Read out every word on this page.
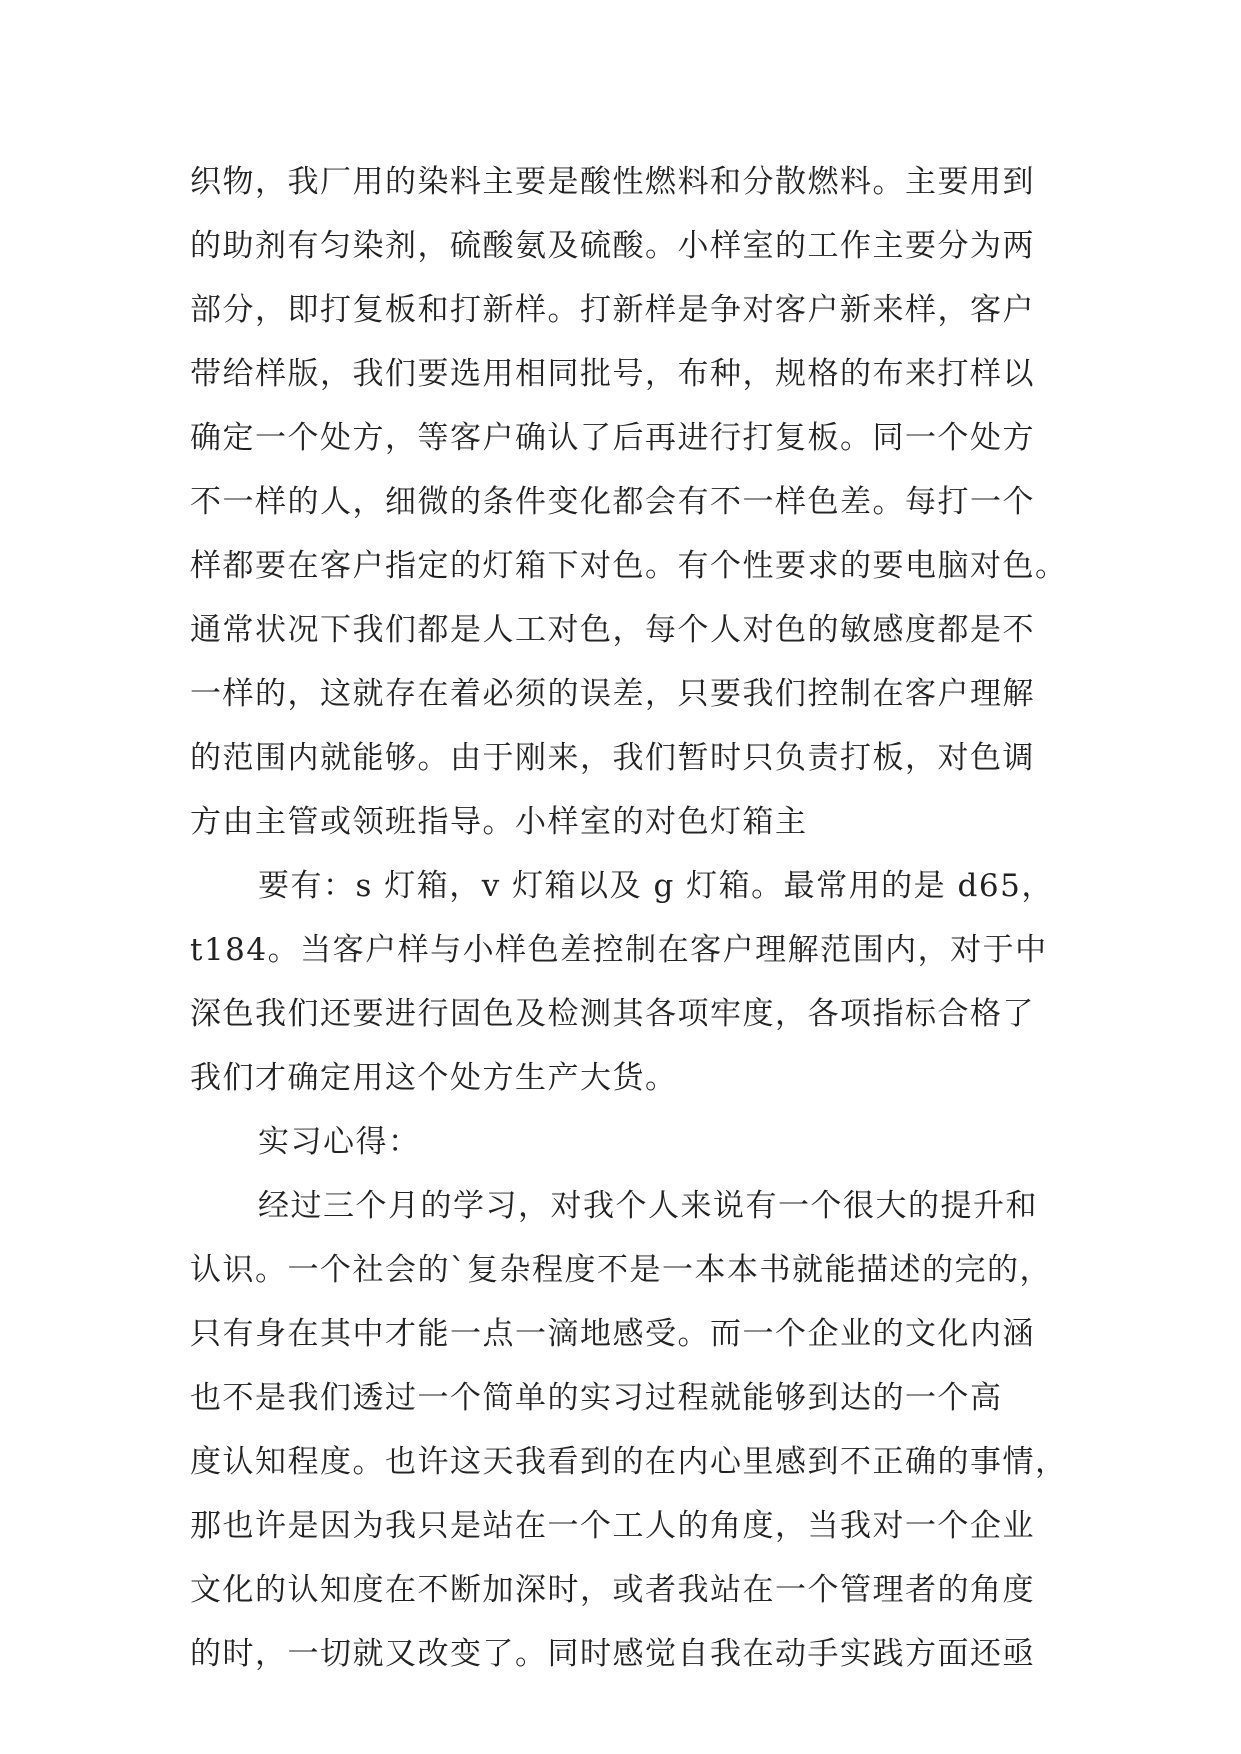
织物，我厂用的染料主要是酸性燃料和分散燃料。主要用到
的助剂有匀染剂，硫酸氨及硫酸。小样室的工作主要分为两
部分，即打复板和打新样。打新样是争对客户新来样，客户
带给样版，我们要选用相同批号，布种，规格的布来打样以
确定一个处方，等客户确认了后再进行打复板。同一个处方
不一样的人，细微的条件变化都会有不一样色差。每打一个
样都要在客户指定的灯箱下对色。有个性要求的要电脑对色。
通常状况下我们都是人工对色，每个人对色的敏感度都是不
一样的，这就存在着必须的误差，只要我们控制在客户理解
的范围内就能够。由于刚来，我们暂时只负责打板，对色调
方由主管或领班指导。小样室的对色灯箱主
要有：s 灯箱，v 灯箱以及 g 灯箱。最常用的是 d65，
t184。当客户样与小样色差控制在客户理解范围内，对于中
深色我们还要进行固色及检测其各项牢度，各项指标合格了
我们才确定用这个处方生产大货。
实习心得：
经过三个月的学习，对我个人来说有一个很大的提升和
认识。一个社会的`复杂程度不是一本本书就能描述的完的，
只有身在其中才能一点一滴地感受。而一个企业的文化内涵
也不是我们透过一个简单的实习过程就能够到达的一个高
度认知程度。也许这天我看到的在内心里感到不正确的事情，
那也许是因为我只是站在一个工人的角度，当我对一个企业
文化的认知度在不断加深时，或者我站在一个管理者的角度
的时，一切就又改变了。同时感觉自我在动手实践方面还亟
